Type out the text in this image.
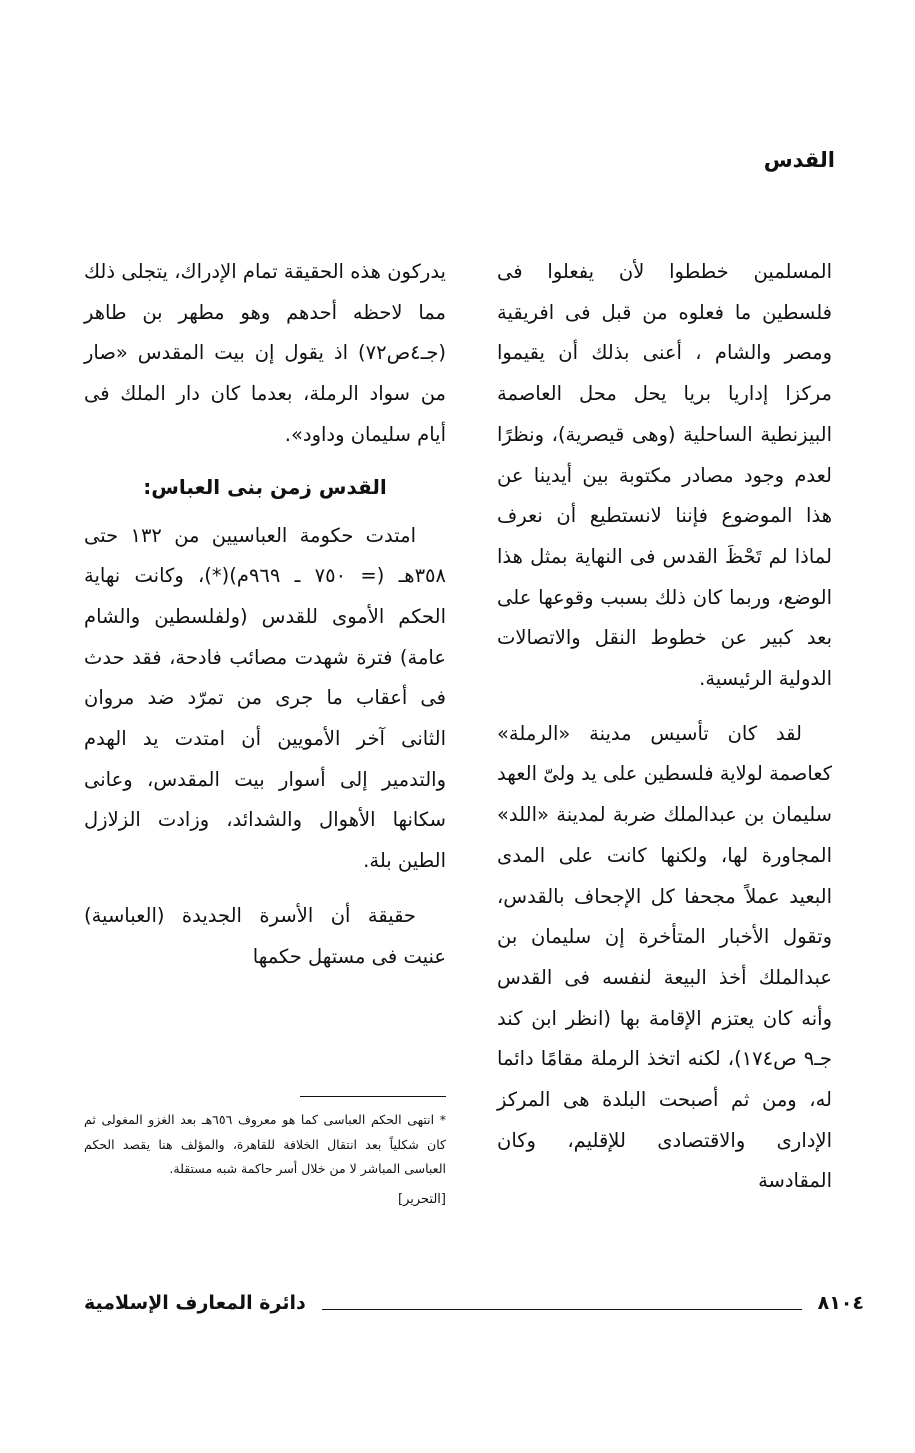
القدس

المسلمين خططوا لأن يفعلوا فى فلسطين ما فعلوه من قبل فى افريقية ومصر والشام ، أعنى بذلك أن يقيموا مركزا إداريا بريا يحل محل العاصمة البيزنطية الساحلية (وهى قيصرية)، ونظرًا لعدم وجود مصادر مكتوبة بين أيدينا عن هذا الموضوع فإننا لانستطيع أن نعرف لماذا لم تَحْظَ القدس فى النهاية بمثل هذا الوضع، وربما كان ذلك بسبب وقوعها على بعد كبير عن خطوط النقل والاتصالات الدولية الرئيسية.

لقد كان تأسيس مدينة «الرملة» كعاصمة لولاية فلسطين على يد ولىّ العهد سليمان بن عبدالملك ضربة لمدينة «اللد» المجاورة لها، ولكنها كانت على المدى البعيد عملاً مجحفا كل الإجحاف بالقدس، وتقول الأخبار المتأخرة إن سليمان بن عبدالملك أخذ البيعة لنفسه فى القدس وأنه كان يعتزم الإقامة بها (انظر ابن كند جـ٩ ص١٧٤)، لكنه اتخذ الرملة مقامًا دائما له، ومن ثم أصبحت البلدة هى المركز الإدارى والاقتصادى للإقليم، وكان المقادسة

يدركون هذه الحقيقة تمام الإدراك، يتجلى ذلك مما لاحظه أحدهم وهو مطهر بن طاهر (جـ٤ص٧٢) اذ يقول إن بيت المقدس «صار من سواد الرملة، بعدما كان دار الملك فى أيام سليمان وداود».

القدس زمن بنى العباس:

امتدت حكومة العباسيين من ١٣٢ حتى ٣٥٨هـ (= ٧٥٠ ـ ٩٦٩م)(*)، وكانت نهاية الحكم الأموى للقدس (ولفلسطين والشام عامة) فترة شهدت مصائب فادحة، فقد حدث فى أعقاب ما جرى من تمرّد ضد مروان الثانى آخر الأمويين أن امتدت يد الهدم والتدمير إلى أسوار بيت المقدس، وعانى سكانها الأهوال والشدائد، وزادت الزلازل الطين بلة.

حقيقة أن الأسرة الجديدة (العباسية) عنيت فى مستهل حكمها

* انتهى الحكم العباسى كما هو معروف ٦٥٦هـ بعد الغزو المغولى ثم كان شكلياً بعد انتقال الخلافة للقاهرة، والمؤلف هنا يقصد الحكم العباسى المباشر لا من خلال أسر حاكمة شبه مستقلة.
[التحرير]
٨١٠٤
دائرة المعارف الإسلامية
